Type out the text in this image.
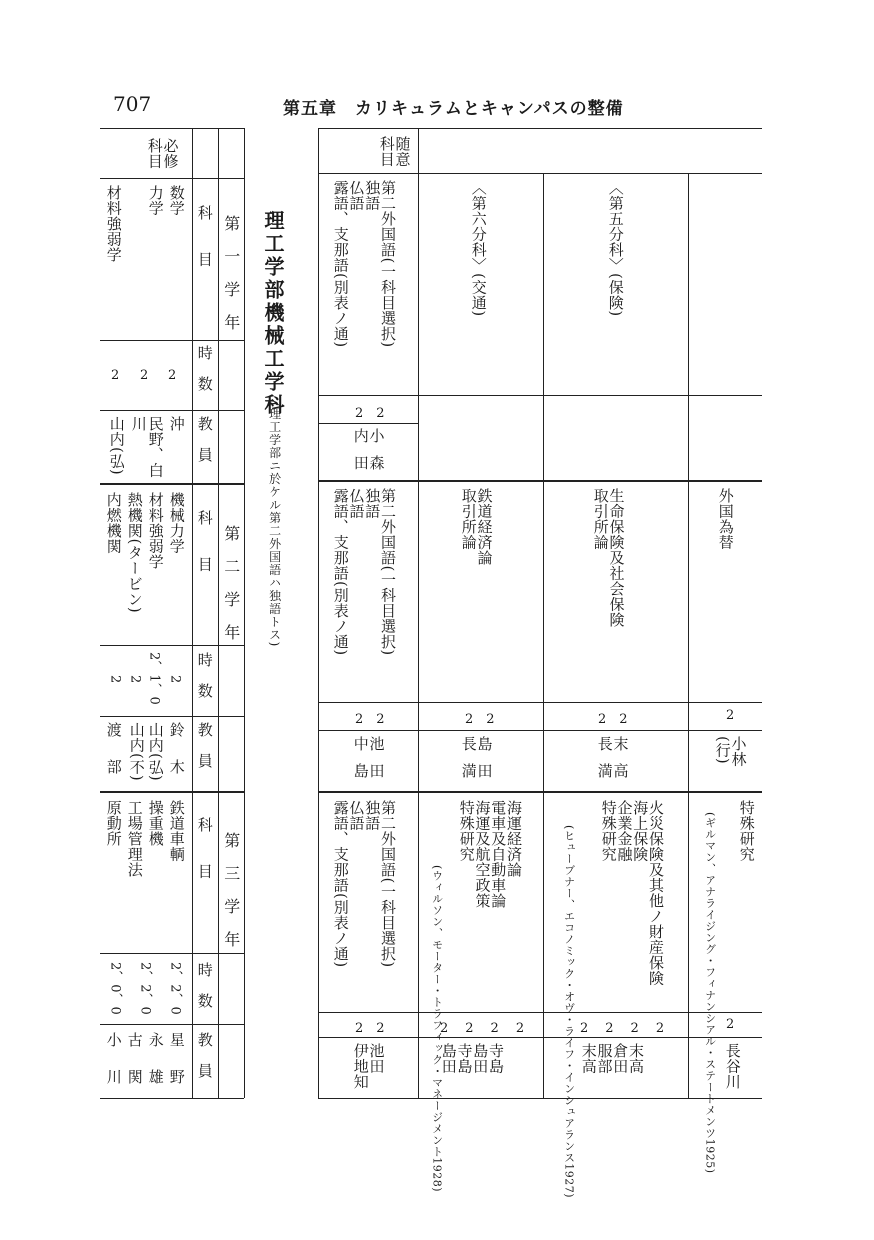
707	第五章　カリキュラムとキャンパスの整備
必修
科目
第　一　学　年
科　　目
時　数
教　員
数学
力学
材料強弱学
2
2
2
沖
民野、白
川
山内(弘)
第　二　学　年
科　　目
時　数
教　員
機械力学
材料強弱学
熱機関(タービン)
内燃機関
2
2、1、0
2
2
鈴木
山内(弘)
山内(不)
渡部
第　三　学　年
科　　目
時　数
教　員
鉄道車輌
操重機
工場管理法
原動所
2、2、0
2、2、0
2、0、0
星野
永雄
古関
小川
理工学部機械工学科
(理工学部ニ於ケル第二外国語ハ独語トス)
随意
科目
第二外国語(一科目選択)
独語
仏語
露語、支那語(別表ノ通)
2　2
小森
内田
〈第六分科〉(交通)	〈第五分科〉(保険)
第二外国語(一科目選択)
独語
仏語
露語、支那語(別表ノ通)
2　2
池田
中島
鉄道経済論
取引所論
2　2
島田
長満
生命保険及社会保険
取引所論
2　2
末高
長満
外国為替
2
小林
(行)
第二外国語(一科目選択)
独語
仏語
露語、支那語(別表ノ通)
2　2
池田
伊地知
海運経済論
電車及自動車論
海運及航空政策
特殊研究
(ウィルソン、モーター・トラフィック・マネージメント1928)
2　2　2　2
寺島
島田
寺島
島田
火災保険及其他ノ財産保険
海上保険
企業金融
特殊研究
(ヒューブナー、エコノミック・オヴ・ライフ・インシュアランス1927) 2　2　2　2
末高
倉田
服部
末高
特殊研究
(ギルマン、アナライジング・フィナンシアル・ステートメンツ1925) 2
長谷川
